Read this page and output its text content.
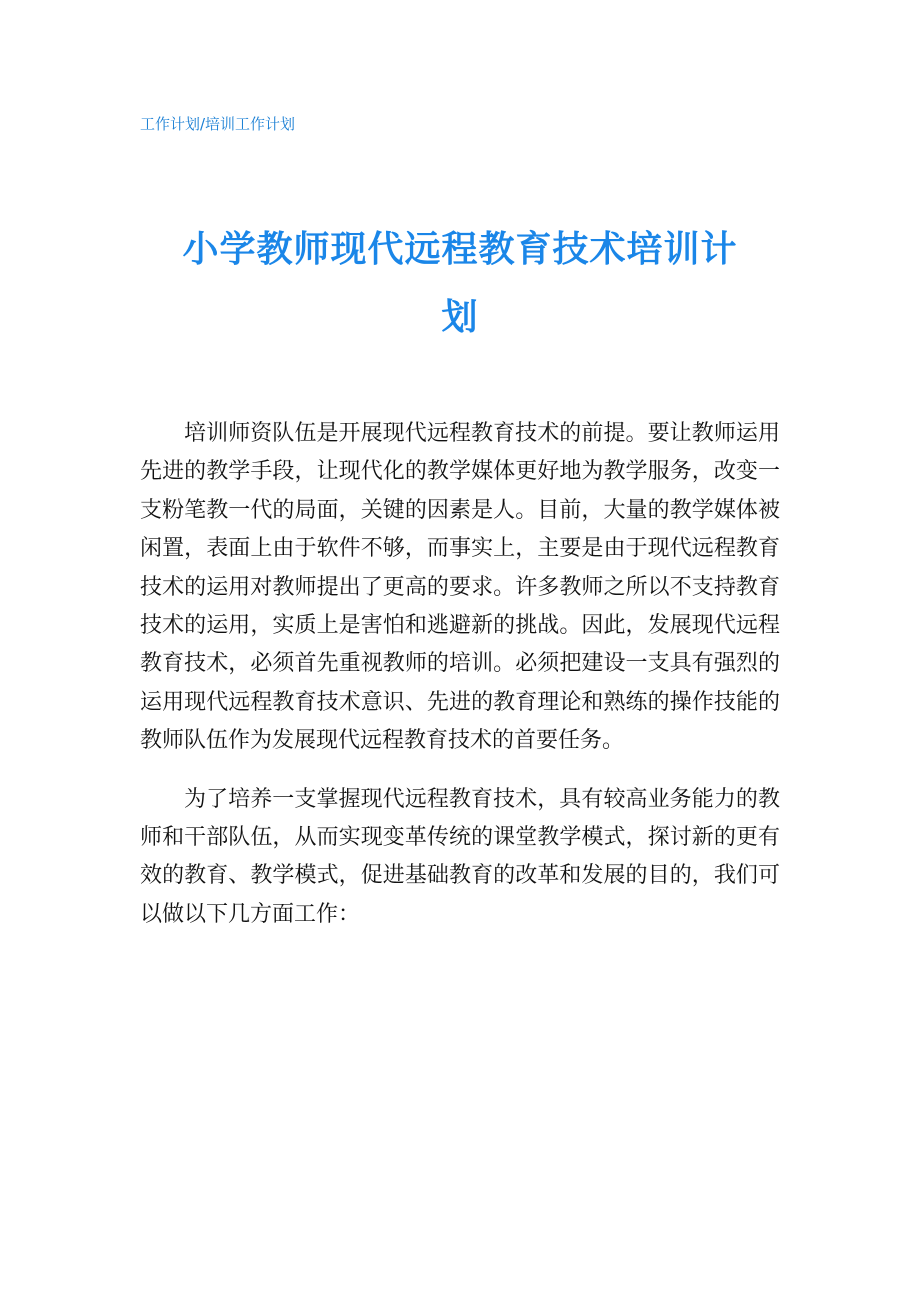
工作计划/培训工作计划
小学教师现代远程教育技术培训计
划

培训师资队伍是开展现代远程教育技术的前提。要让教师运用先进的教学手段，让现代化的教学媒体更好地为教学服务，改变一支粉笔教一代的局面，关键的因素是人。目前，大量的教学媒体被闲置，表面上由于软件不够，而事实上，主要是由于现代远程教育技术的运用对教师提出了更高的要求。许多教师之所以不支持教育技术的运用，实质上是害怕和逃避新的挑战。因此，发展现代远程教育技术，必须首先重视教师的培训。必须把建设一支具有强烈的运用现代远程教育技术意识、先进的教育理论和熟练的操作技能的教师队伍作为发展现代远程教育技术的首要任务。

为了培养一支掌握现代远程教育技术，具有较高业务能力的教师和干部队伍，从而实现变革传统的课堂教学模式，探讨新的更有效的教育、教学模式，促进基础教育的改革和发展的目的，我们可以做以下几方面工作：
